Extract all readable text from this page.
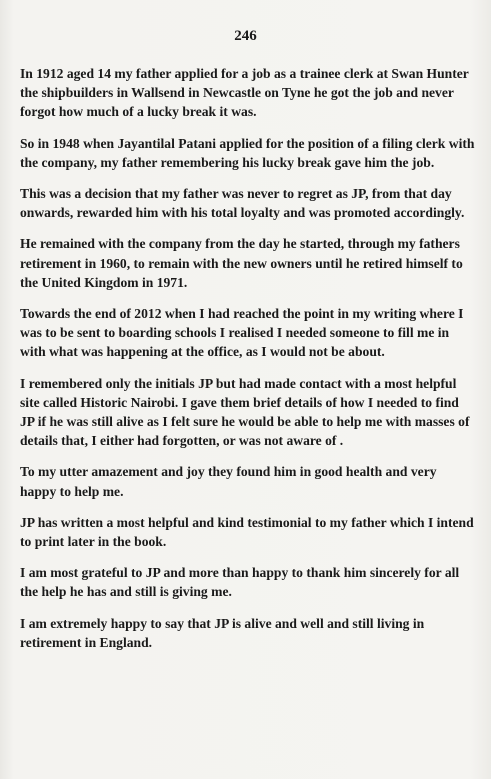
246

In 1912 aged 14 my father applied for a job as a trainee clerk at Swan Hunter the shipbuilders in Wallsend in Newcastle on Tyne he got the job and never forgot how much of a lucky break it was.

So in 1948 when Jayantilal Patani applied for the position of a filing clerk with the company, my father remembering his lucky break gave him the job.

This was a decision that my father was never to regret as JP, from that day onwards, rewarded him with his total loyalty and was promoted accordingly.

He remained with the company from the day he started, through my fathers retirement in 1960, to remain with the new owners until he retired himself to the United Kingdom in 1971.

Towards the end of 2012 when I had reached the point in my writing where I was to be sent to boarding schools I realised I needed someone to fill me in with what was happening at the office, as I would not be about.

I remembered only the initials JP but had made contact with a most helpful site called Historic Nairobi. I gave them brief details of how I needed to find JP if he was still alive as I felt sure he would be able to help me with masses of details that, I either had forgotten, or was not aware of .

To my utter amazement and joy they found him in good health and very happy to help me.

JP has written a most helpful and kind testimonial to my father which I intend to print later in the book.

I am most grateful to JP and more than happy to thank him sincerely for all the help he has and still is giving me.

I am extremely happy to say that JP is alive and well and still living in retirement in England.
